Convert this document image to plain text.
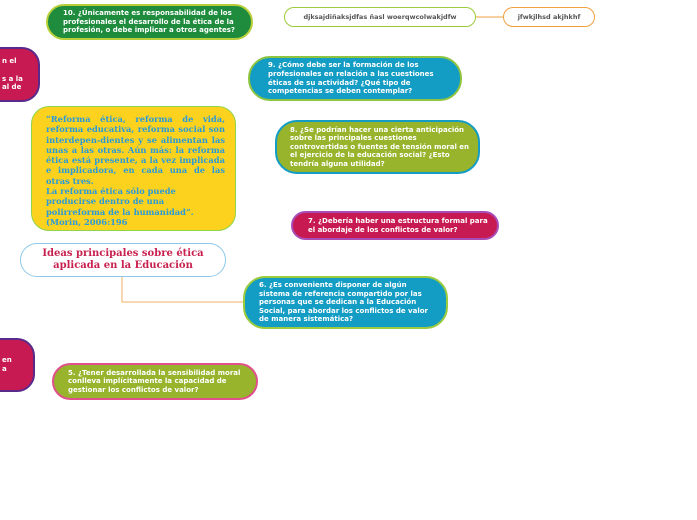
10. ¿Únicamente es responsabilidad de los profesionales el desarrollo de la ética de la profesión, o debe implicar a otros agentes?
n el

s a la
al de
9. ¿Cómo debe ser la formación de los profesionales en relación a las cuestiones éticas de su actividad? ¿Qué tipo de competencias se deben contemplar?

“Reforma ética, reforma de vida, reforma educativa, reforma social son interdepen-dientes y se alimentan las unas a las otras. Aún más: la reforma ética está presente, a la vez implicada e implicadora, en cada una de las otras tres.

La reforma ética sólo puede producirse dentro de una polirreforma de la humanidad”. (Morin, 2006:196

8. ¿Se podrían hacer una cierta anticipación sobre las principales cuestiones controvertidas o fuentes de tensión moral en el ejercicio de la educación social? ¿Esto tendría alguna utilidad?
7. ¿Debería haber una estructura formal para el abordaje de los conflictos de valor?
Ideas principales sobre ética aplicada en la Educación
6. ¿Es conveniente disponer de algún sistema de referencia compartido por las personas que se dedican a la Educación Social, para abordar los conflictos de valor de manera sistemática?
en
a	5. ¿Tener desarrollada la sensibilidad moral conlleva implícitamente la capacidad de gestionar los conflictos de valor?
djksajdiñaksjdfas ñasl woerqwcolwakjdfw	jfwkjlhsd akjhkhf
